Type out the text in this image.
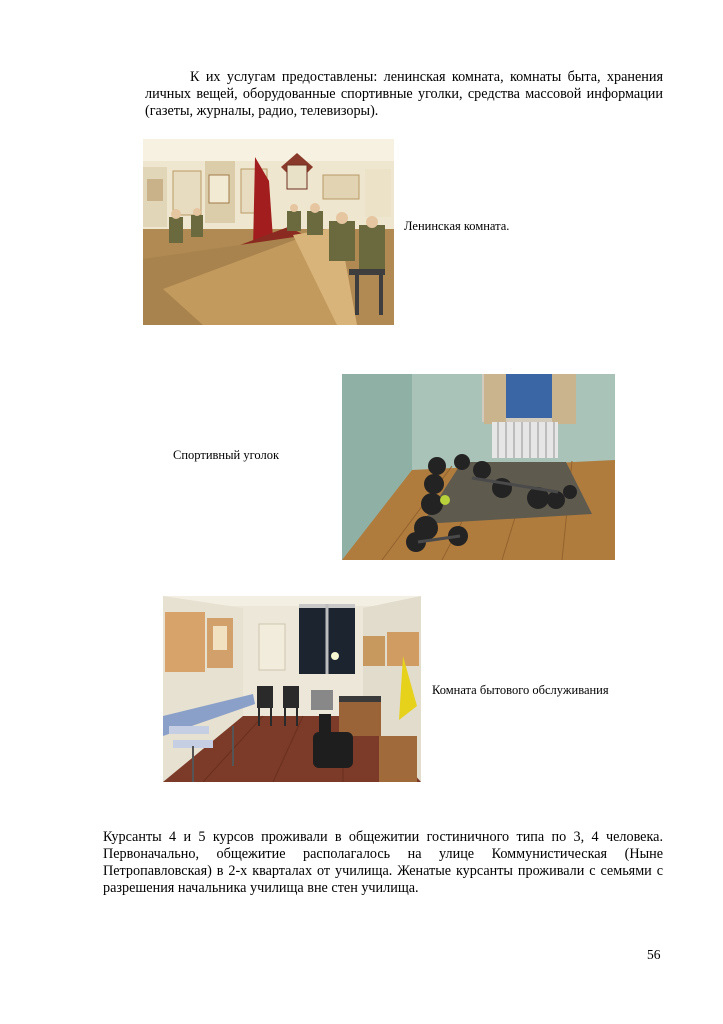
К их услугам предоставлены: ленинская комната, комнаты быта, хранения личных вещей, оборудованные спортивные уголки, средства массовой информации (газеты, журналы, радио, телевизоры).

Ленинская комната.
Спортивный уголок
Комната бытового обслуживания

Курсанты 4 и 5 курсов проживали в общежитии гостиничного типа по 3, 4 человека. Первоначально, общежитие располагалось на улице Коммунистическая (Ныне Петропавловская) в 2-х кварталах от училища. Женатые курсанты проживали с семьями с разрешения начальника училища вне стен училища.

56
